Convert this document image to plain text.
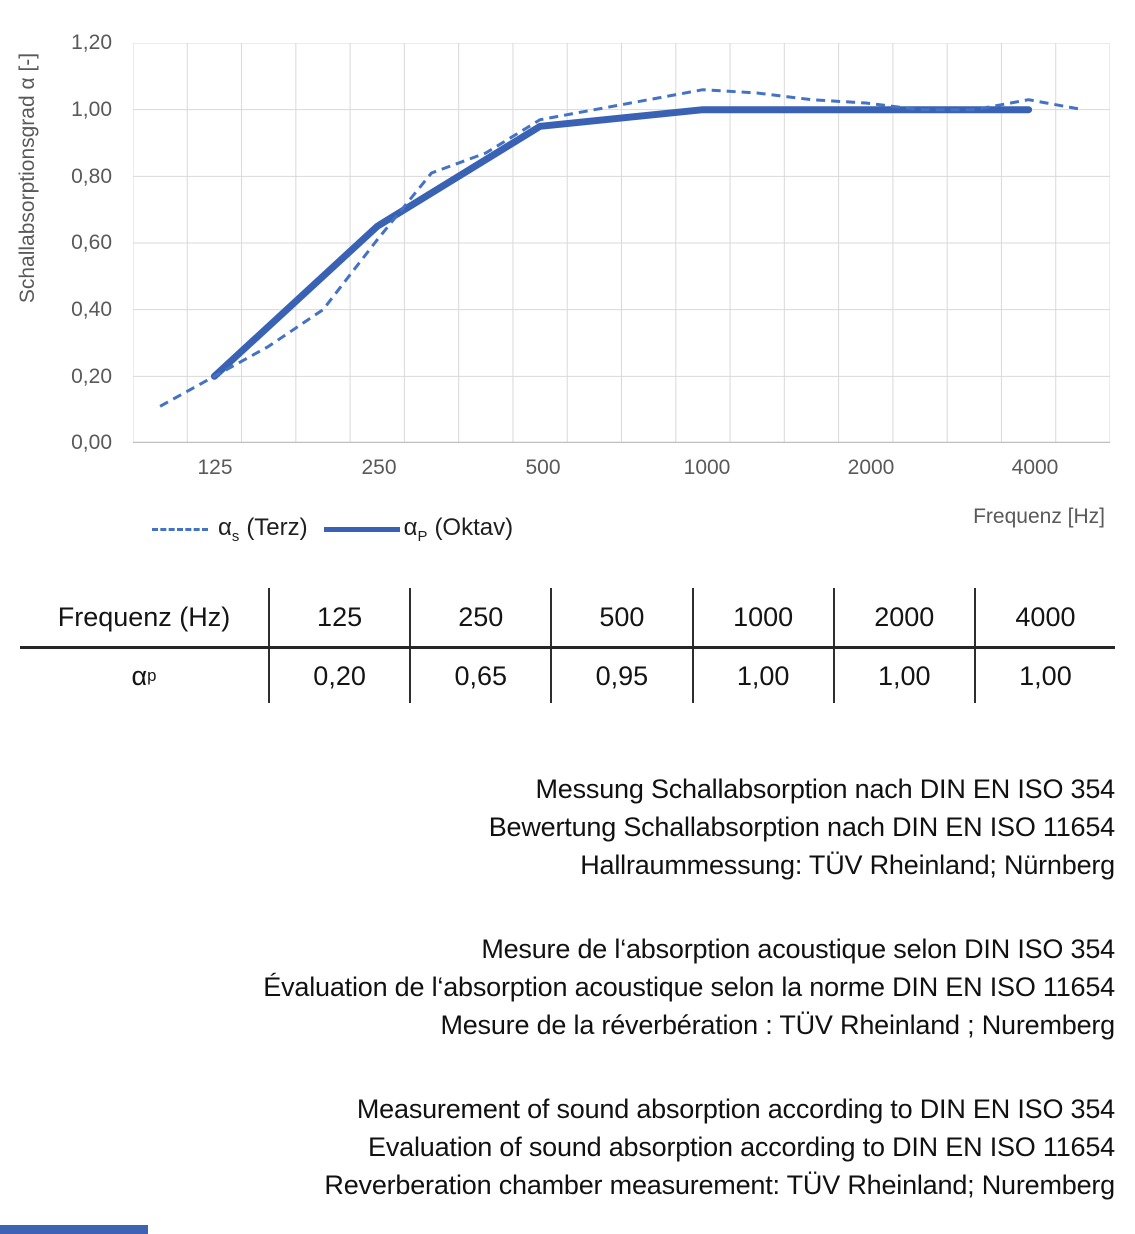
Schallabsorptionsgrad α [-]
1,20
1,00
0,80
0,60
0,40
0,20
0,00
125	250	500	1000	2000	4000
Frequenz [Hz]
$\alpha_s$ (Terz)	$\alpha_P$ (Oktav)
Frequenz (Hz)	125	250	500	1000	2000	4000
α p	0,20	0,65	0,95	1,00	1,00	1,00
Messung Schallabsorption nach DIN EN ISO 354
Bewertung Schallabsorption nach DIN EN ISO 11654
Hallraummessung: TÜV Rheinland; Nürnberg
Mesure de l‘absorption acoustique selon DIN ISO 354
Évaluation de l‘absorption acoustique selon la norme DIN EN ISO 11654
Mesure de la réverbération : TÜV Rheinland ; Nuremberg
Measurement of sound absorption according to DIN EN ISO 354
Evaluation of sound absorption according to DIN EN ISO 11654
Reverberation chamber measurement: TÜV Rheinland; Nuremberg
